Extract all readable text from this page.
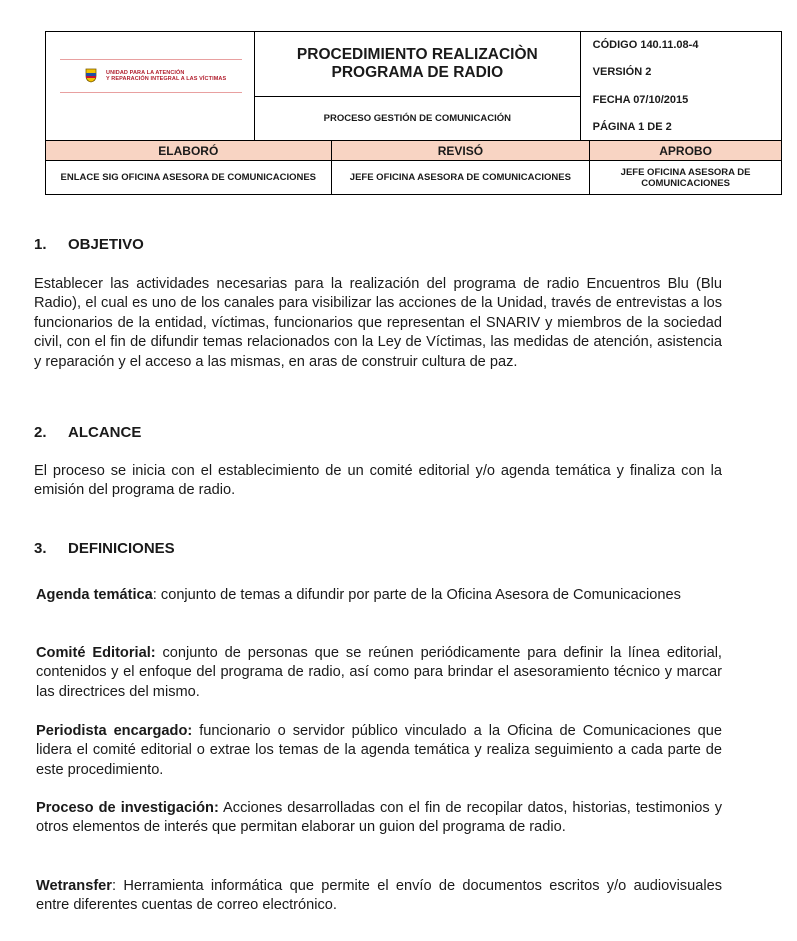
UNIDAD PARA LA ATENCIÓN
Y REPARACIÓN INTEGRAL A LAS VÍCTIMAS

PROCEDIMIENTO REALIZACIÒN
PROGRAMA DE RADIO

CÓDIGO 140.11.08-4
VERSIÓN 2
FECHA 07/10/2015
PÁGINA 1 DE 2

PROCESO GESTIÓN DE COMUNICACIÓN
ELABORÓ	REVISÓ	APROBO
ENLACE SIG OFICINA ASESORA DE COMUNICACIONES	JEFE OFICINA ASESORA DE COMUNICACIONES	JEFE OFICINA ASESORA DE COMUNICACIONES
1. OBJETIVO

Establecer las actividades necesarias para la realización del programa de radio Encuentros Blu (Blu Radio), el cual es uno de los canales para visibilizar las acciones de la Unidad, través de entrevistas a los funcionarios de la entidad, víctimas, funcionarios que representan el SNARIV y miembros de la sociedad civil, con el fin de difundir temas relacionados con la Ley de Víctimas, las medidas de atención, asistencia y reparación y el acceso a las mismas, en aras de construir cultura de paz.

2. ALCANCE

El proceso se inicia con el establecimiento de un comité editorial y/o agenda temática y finaliza con la emisión del programa de radio.

3. DEFINICIONES

Agenda temática: conjunto de temas a difundir por parte de la Oficina Asesora de Comunicaciones

Comité Editorial: conjunto de personas que se reúnen periódicamente para definir la línea editorial, contenidos y el enfoque del programa de radio, así como para brindar el asesoramiento técnico y marcar las directrices del mismo.

Periodista encargado: funcionario o servidor público vinculado a la Oficina de Comunicaciones que lidera el comité editorial o extrae los temas de la agenda temática y realiza seguimiento a cada parte de este procedimiento.

Proceso de investigación: Acciones desarrolladas con el fin de recopilar datos, historias, testimonios y otros elementos de interés que permitan elaborar un guion del programa de radio.

Wetransfer: Herramienta informática que permite el envío de documentos escritos y/o audiovisuales entre diferentes cuentas de correo electrónico.
